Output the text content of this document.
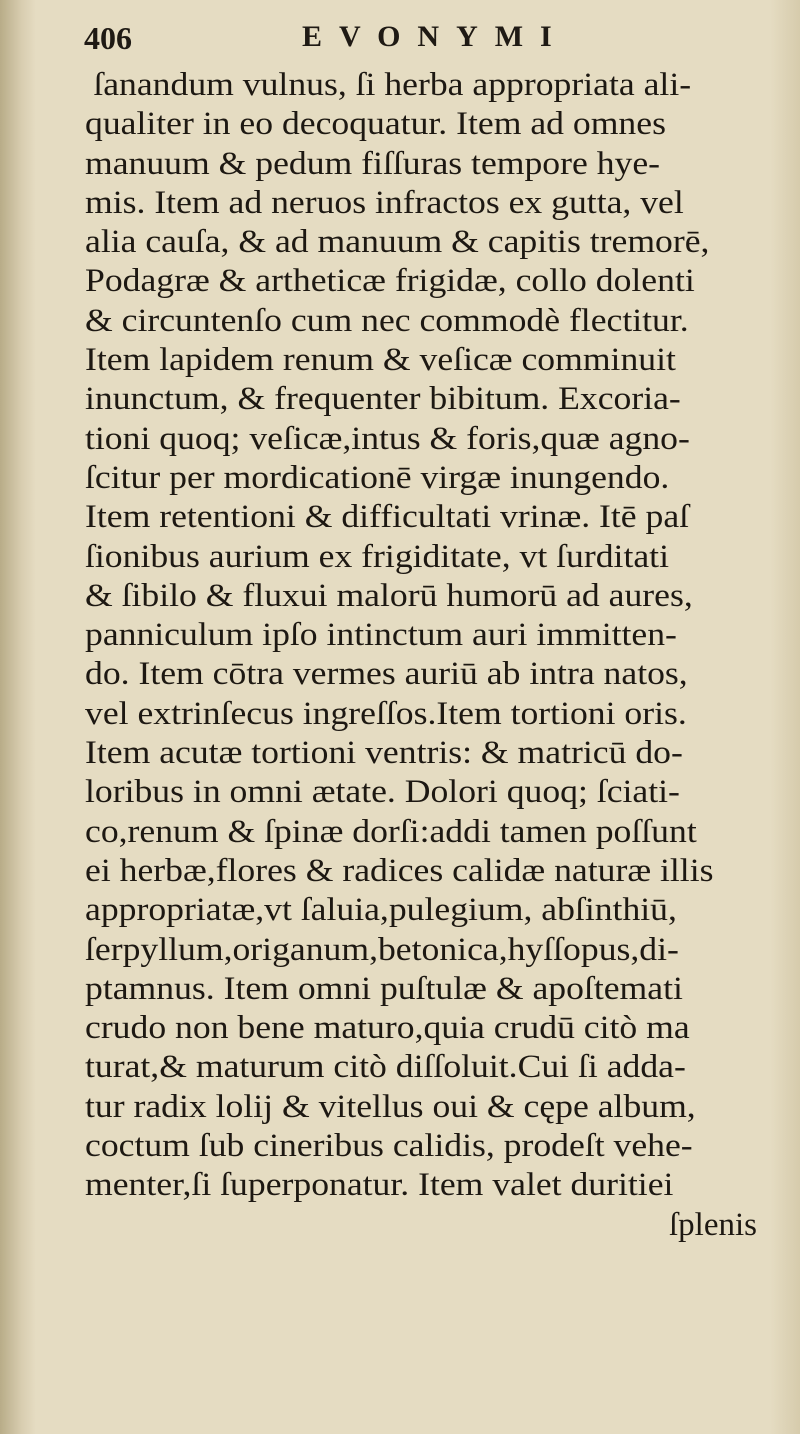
406	EVONYMI
ſanandum vulnus, ſi herba appropriata ali-
qualiter in eo decoquatur. Item ad omnes
manuum & pedum fiſſuras tempore hye-
mis. Item ad neruos infractos ex gutta, vel
alia cauſa, & ad manuum & capitis tremorē,
Podagræ & artheticæ frigidæ, collo dolenti
& circuntenſo cum nec commodè flectitur.
Item lapidem renum & veſicæ comminuit
inunctum, & frequenter bibitum. Excoria-
tioni quoq; veſicæ,intus & foris,quæ agno-
ſcitur per mordicationē virgæ inungendo.
Item retentioni & difficultati vrinæ. Itē paſ
ſionibus aurium ex frigiditate, vt ſurditati
& ſibilo & fluxui malorū humorū ad aures,
panniculum ipſo intinctum auri immitten-
do. Item cōtra vermes auriū ab intra natos,
vel extrinſecus ingreſſos.Item tortioni oris.
Item acutæ tortioni ventris: & matricū do-
loribus in omni ætate. Dolori quoq; ſciati-
co,renum & ſpinæ dorſi:addi tamen poſſunt
ei herbæ,flores & radices calidæ naturæ illis
appropriatæ,vt ſaluia,pulegium, abſinthiū,
ſerpyllum,origanum,betonica,hyſſopus,di-
ptamnus. Item omni puſtulæ & apoſtemati
crudo non bene maturo,quia crudū citò ma
turat,& maturum citò diſſoluit.Cui ſi adda-
tur radix lolij & vitellus oui & cępe album,
coctum ſub cineribus calidis, prodeſt vehe-
menter,ſi ſuperponatur. Item valet duritiei
ſplenis
